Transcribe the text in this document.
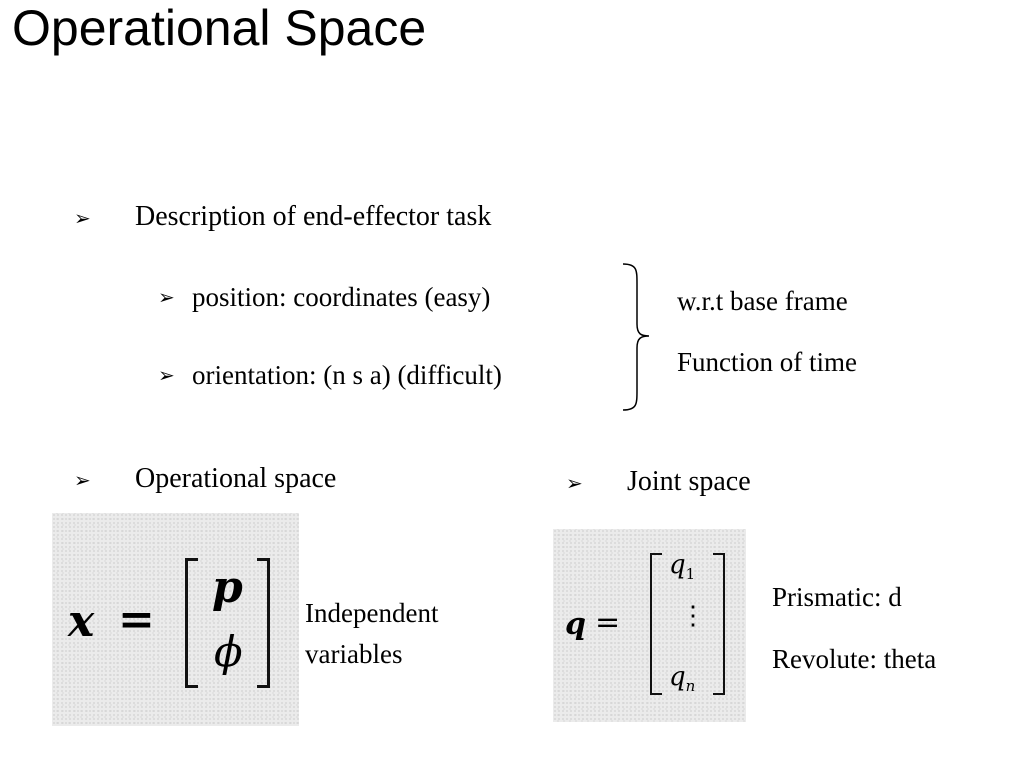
Operational Space
➢ Description of end-effector task
➢ position: coordinates (easy)
➢ orientation: (n s a) (difficult)
w.r.t base frame
Function of time
➢ Operational space	➢ Joint space
x =
p
ϕ
Independent
variables
q =
$q_1$
⋮
$q_n$
Prismatic: d
Revolute: theta
